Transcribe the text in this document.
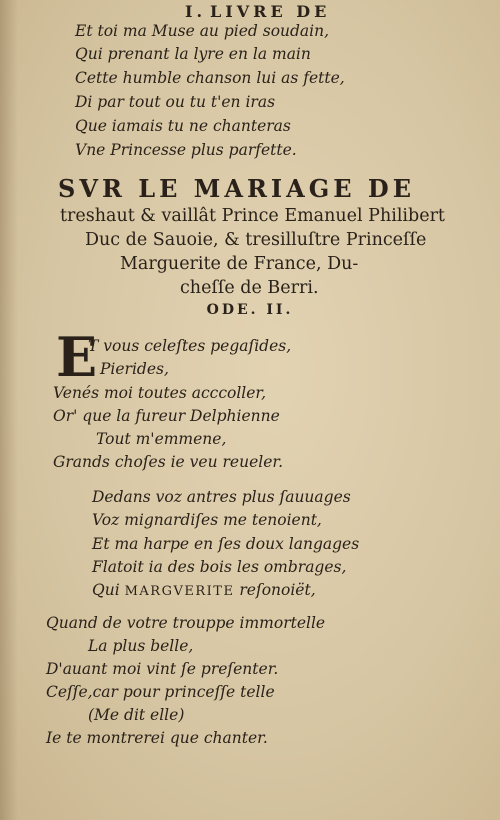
I. LIVRE DE
Et toi ma Muse au pied soudain,
Qui prenant la lyre en la main
Cette humble chanson lui as fette,
Di par tout ou tu t'en iras
Que iamais tu ne chanteras
Vne Princesse plus parfette.
SVR LE MARIAGE DE
treshaut & vaillât Prince Emanuel Philibert
Duc de Sauoie, & tresilluſtre Princeſſe
Marguerite de France, Du-
cheſſe de Berri.
ODE. II.
E
T vous celeſtes pegaſides,
Pierides,
Venés moi toutes acccoller,
Or' que la fureur Delphienne
Tout m'emmene,
Grands choſes ie veu reueler.
Dedans voz antres plus ſauuages
Voz mignardiſes me tenoient,
Et ma harpe en ſes doux langages
Flatoit ia des bois les ombrages,
Qui MARGVERITE reſonoiët,
Quand de votre trouppe immortelle
La plus belle,
D'auant moi vint ſe preſenter.
Ceſſe,car pour princeſſe telle
(Me dit elle)
Ie te montrerei que chanter.
